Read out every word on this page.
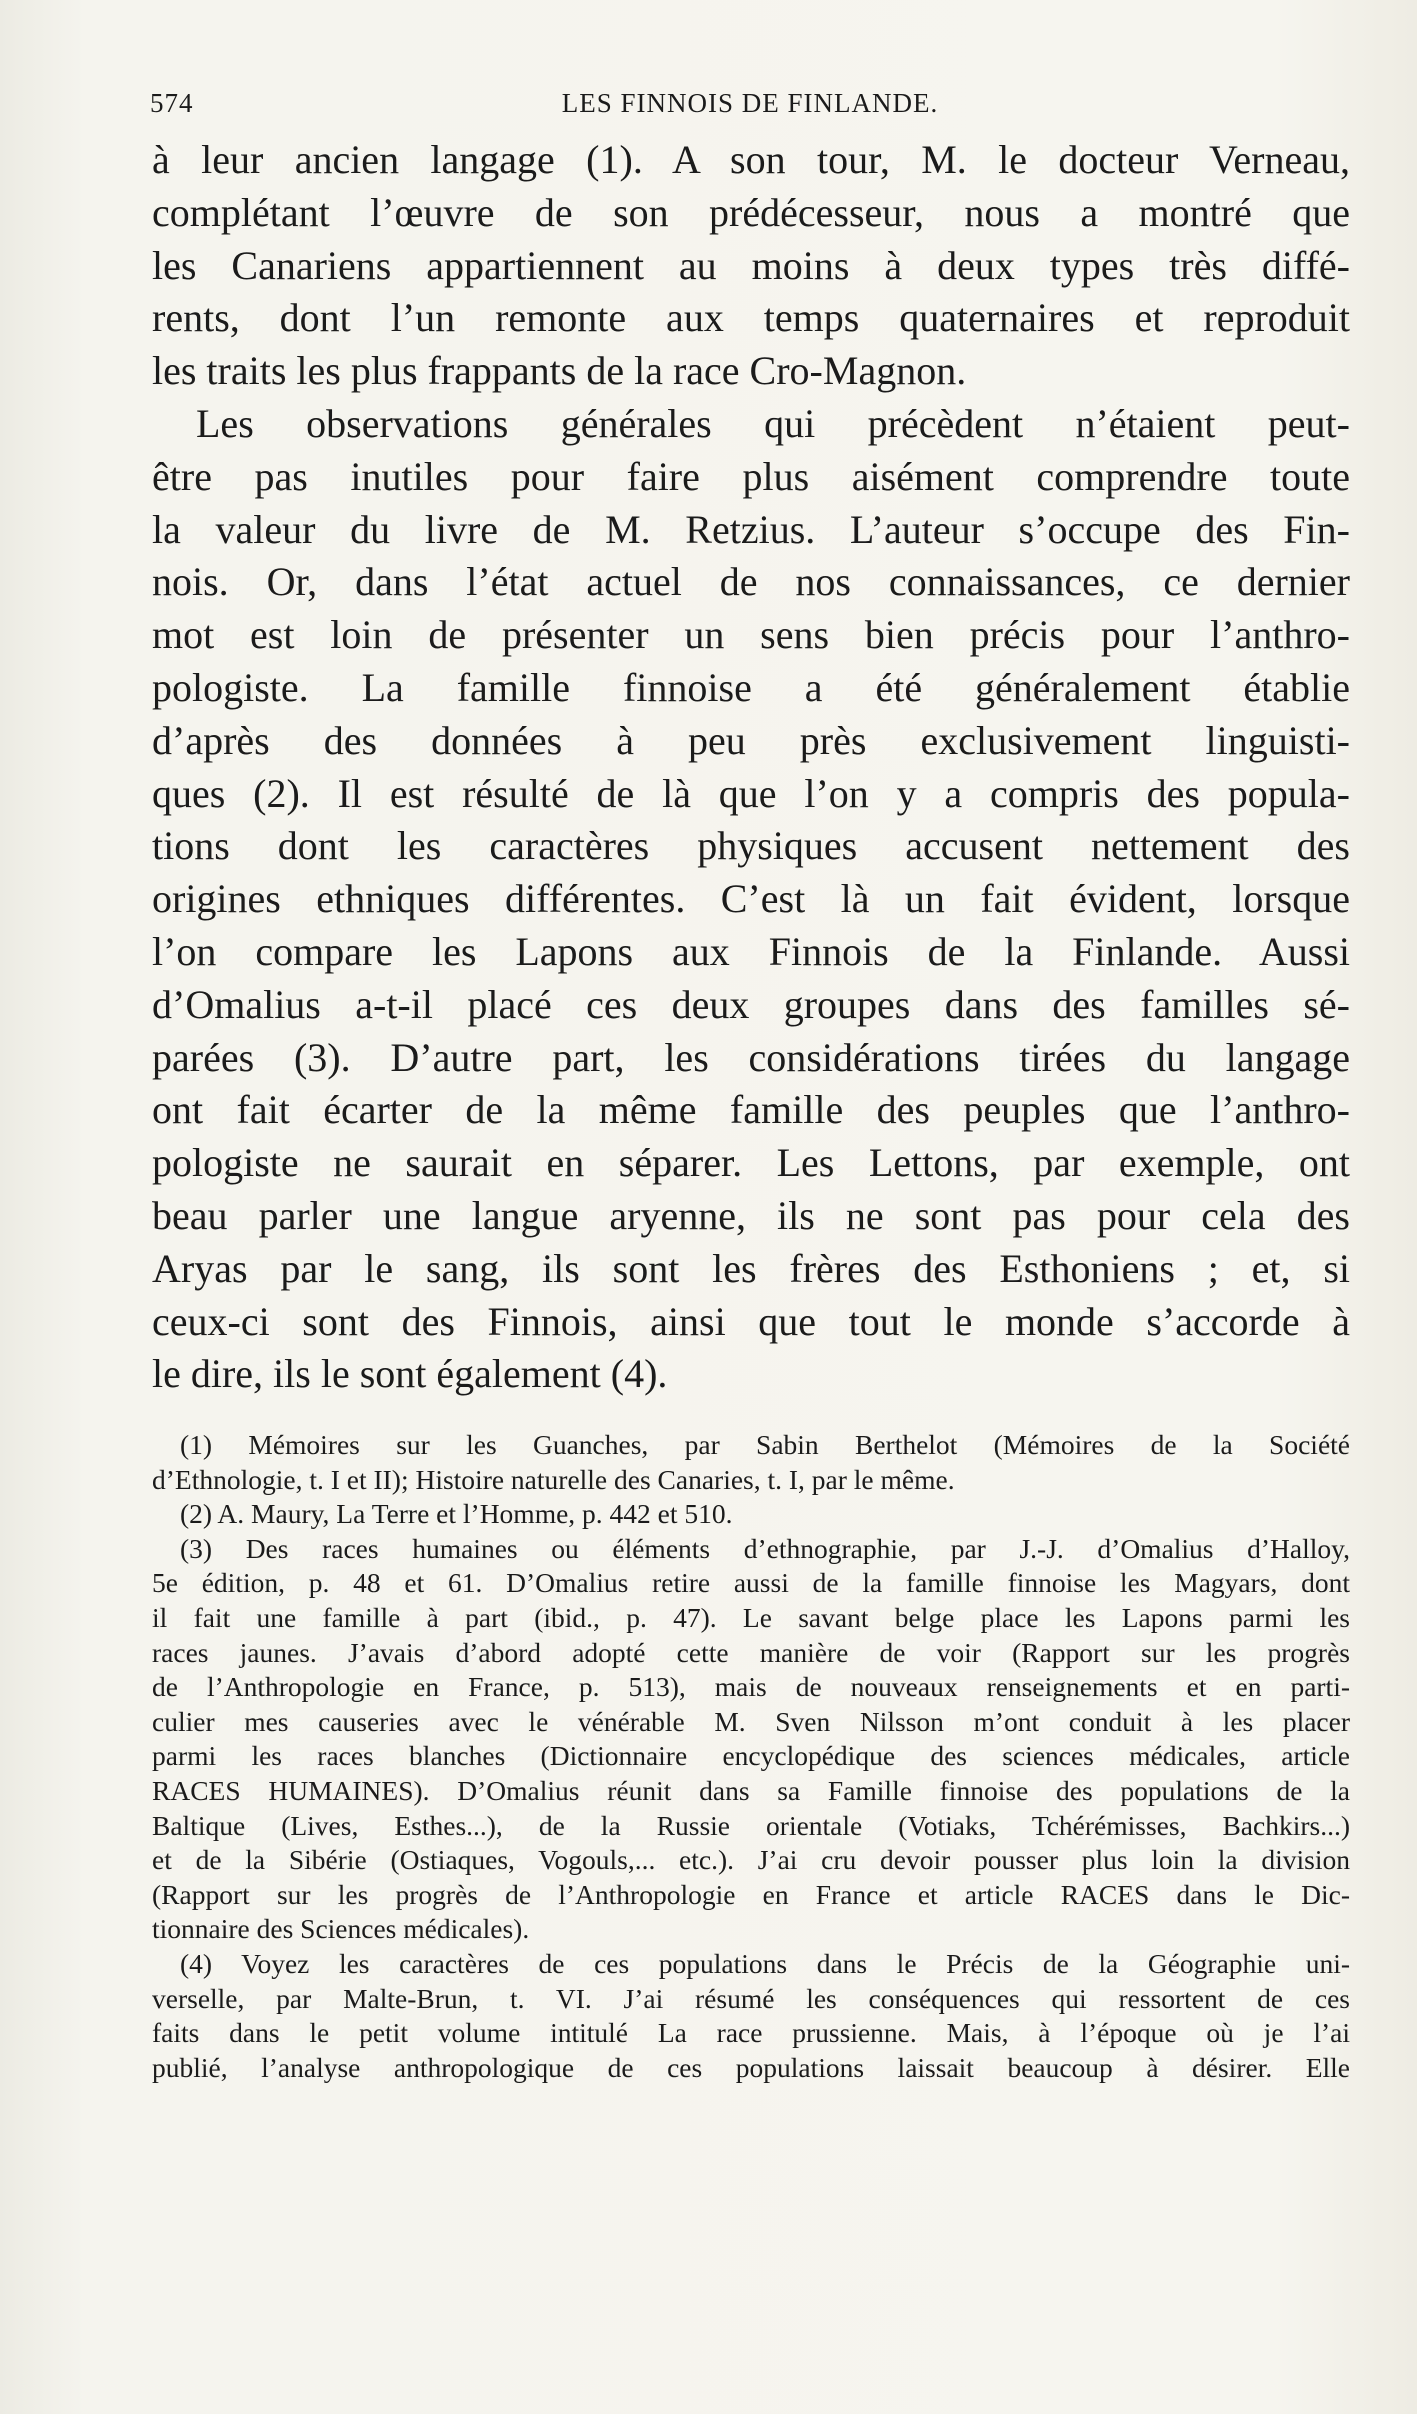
574	LES FINNOIS DE FINLANDE.
à leur ancien langage (1). A son tour, M. le docteur Verneau,
complétant l’œuvre de son prédécesseur, nous a montré que
les Canariens appartiennent au moins à deux types très diffé-
rents, dont l’un remonte aux temps quaternaires et reproduit
les traits les plus frappants de la race Cro-Magnon.
Les observations générales qui précèdent n’étaient peut-
être pas inutiles pour faire plus aisément comprendre toute
la valeur du livre de M. Retzius. L’auteur s’occupe des Fin-
nois. Or, dans l’état actuel de nos connaissances, ce dernier
mot est loin de présenter un sens bien précis pour l’anthro-
pologiste. La famille finnoise a été généralement établie
d’après des données à peu près exclusivement linguisti-
ques (2). Il est résulté de là que l’on y a compris des popula-
tions dont les caractères physiques accusent nettement des
origines ethniques différentes. C’est là un fait évident, lorsque
l’on compare les Lapons aux Finnois de la Finlande. Aussi
d’Omalius a-t-il placé ces deux groupes dans des familles sé-
parées (3). D’autre part, les considérations tirées du langage
ont fait écarter de la même famille des peuples que l’anthro-
pologiste ne saurait en séparer. Les Lettons, par exemple, ont
beau parler une langue aryenne, ils ne sont pas pour cela des
Aryas par le sang, ils sont les frères des Esthoniens ; et, si
ceux-ci sont des Finnois, ainsi que tout le monde s’accorde à
le dire, ils le sont également (4).
(1) Mémoires sur les Guanches, par Sabin Berthelot (Mémoires de la Société
d’Ethnologie, t. I et II); Histoire naturelle des Canaries, t. I, par le même.
(2) A. Maury, La Terre et l’Homme, p. 442 et 510.
(3) Des races humaines ou éléments d’ethnographie, par J.-J. d’Omalius d’Halloy,
5e édition, p. 48 et 61. D’Omalius retire aussi de la famille finnoise les Magyars, dont
il fait une famille à part (ibid., p. 47). Le savant belge place les Lapons parmi les
races jaunes. J’avais d’abord adopté cette manière de voir (Rapport sur les progrès
de l’Anthropologie en France, p. 513), mais de nouveaux renseignements et en parti-
culier mes causeries avec le vénérable M. Sven Nilsson m’ont conduit à les placer
parmi les races blanches (Dictionnaire encyclopédique des sciences médicales, article
RACES HUMAINES). D’Omalius réunit dans sa Famille finnoise des populations de la
Baltique (Lives, Esthes...), de la Russie orientale (Votiaks, Tchérémisses, Bachkirs...)
et de la Sibérie (Ostiaques, Vogouls,... etc.). J’ai cru devoir pousser plus loin la division
(Rapport sur les progrès de l’Anthropologie en France et article RACES dans le Dic-
tionnaire des Sciences médicales).
(4) Voyez les caractères de ces populations dans le Précis de la Géographie uni-
verselle, par Malte-Brun, t. VI. J’ai résumé les conséquences qui ressortent de ces
faits dans le petit volume intitulé La race prussienne. Mais, à l’époque où je l’ai
publié, l’analyse anthropologique de ces populations laissait beaucoup à désirer. Elle
